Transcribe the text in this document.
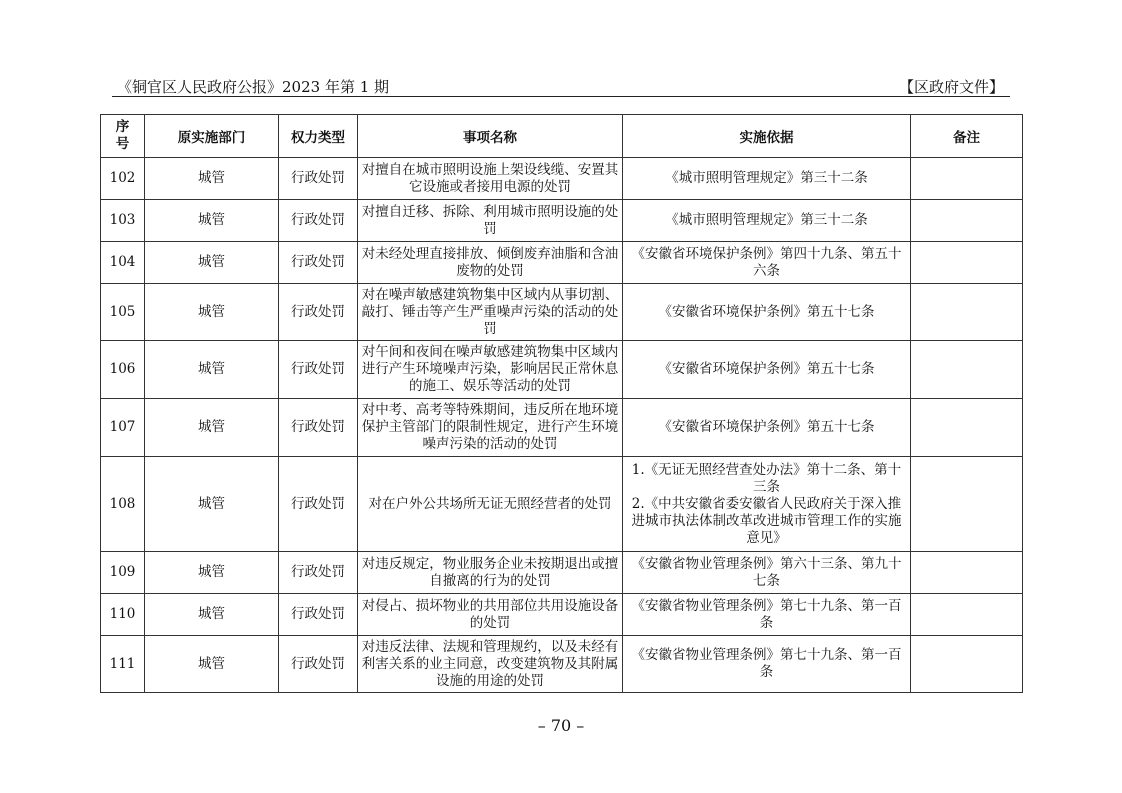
《铜官区人民政府公报》2023 年第 1 期	【区政府文件】
序
号	原实施部门	权力类型	事项名称	实施依据	备注
102	城管	行政处罚	对擅自在城市照明设施上架设线缆、安置其它设施或者接用电源的处罚	《城市照明管理规定》第三十二条	
103	城管	行政处罚	对擅自迁移、拆除、利用城市照明设施的处罚	《城市照明管理规定》第三十二条	
104	城管	行政处罚	对未经处理直接排放、倾倒废弃油脂和含油废物的处罚	《安徽省环境保护条例》第四十九条、第五十六条	
105	城管	行政处罚	对在噪声敏感建筑物集中区域内从事切割、敲打、锤击等产生严重噪声污染的活动的处罚	《安徽省环境保护条例》第五十七条	
106	城管	行政处罚	对午间和夜间在噪声敏感建筑物集中区域内进行产生环境噪声污染，影响居民正常休息的施工、娱乐等活动的处罚	《安徽省环境保护条例》第五十七条	
107	城管	行政处罚	对中考、高考等特殊期间，违反所在地环境保护主管部门的限制性规定，进行产生环境噪声污染的活动的处罚	《安徽省环境保护条例》第五十七条	
108	城管	行政处罚	对在户外公共场所无证无照经营者的处罚	1.《无证无照经营查处办法》第十二条、第十三条
2.《中共安徽省委安徽省人民政府关于深入推进城市执法体制改革改进城市管理工作的实施意见》	

109	城管	行政处罚	对违反规定，物业服务企业未按期退出或擅自撤离的行为的处罚	《安徽省物业管理条例》第六十三条、第九十七条	
110	城管	行政处罚	对侵占、损坏物业的共用部位共用设施设备的处罚	《安徽省物业管理条例》第七十九条、第一百条	
111	城管	行政处罚	对违反法律、法规和管理规约，以及未经有利害关系的业主同意，改变建筑物及其附属设施的用途的处罚	《安徽省物业管理条例》第七十九条、第一百条	
– 70 –
